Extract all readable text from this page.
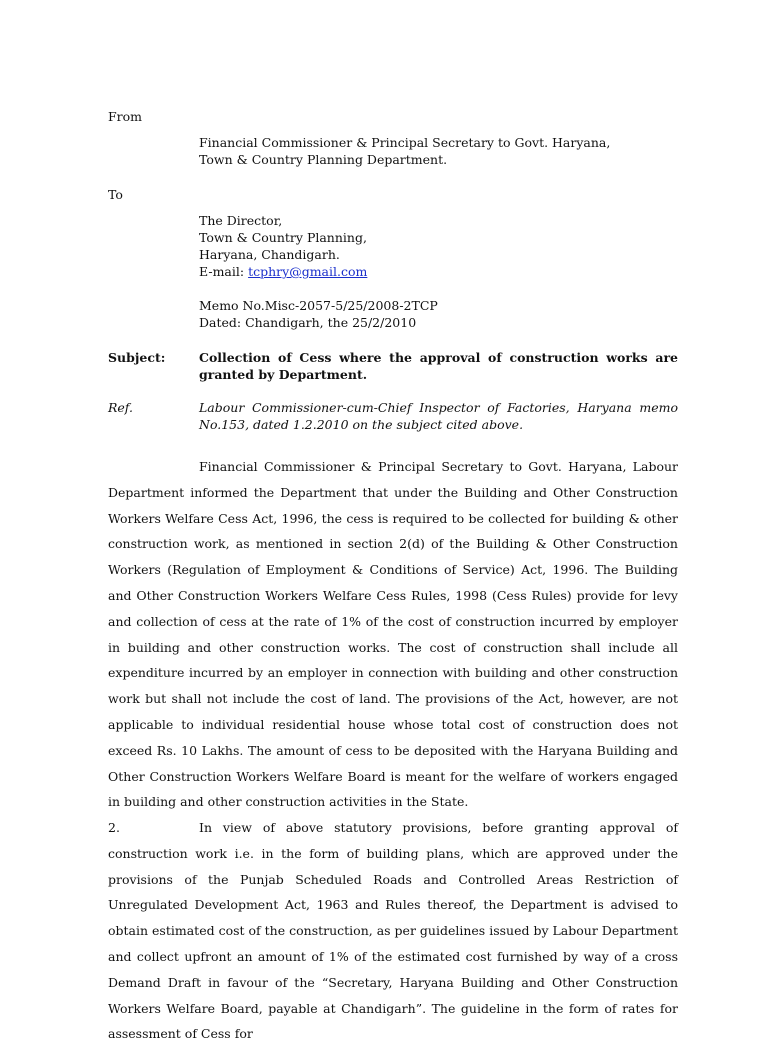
From
Financial Commissioner & Principal Secretary to Govt. Haryana,
Town & Country Planning Department.
To
The Director,
Town & Country Planning,
Haryana, Chandigarh.
E-mail: tcphry@gmail.com
Memo No.Misc-2057-5/25/2008-2TCP
Dated: Chandigarh, the 25/2/2010
Subject:	Collection of Cess where the approval of construction works are granted by Department.
Ref.	Labour Commissioner-cum-Chief Inspector of Factories, Haryana memo No.153, dated 1.2.2010 on the subject cited above.

Financial Commissioner & Principal Secretary to Govt. Haryana, Labour Department informed the Department that under the Building and Other Construction Workers Welfare Cess Act, 1996, the cess is required to be collected for building & other construction work, as mentioned in section 2(d) of the Building & Other Construction Workers (Regulation of Employment & Conditions of Service) Act, 1996. The Building and Other Construction Workers Welfare Cess Rules, 1998 (Cess Rules) provide for levy and collection of cess at the rate of 1% of the cost of construction incurred by employer in building and other construction works. The cost of construction shall include all expenditure incurred by an employer in connection with building and other construction work but shall not include the cost of land. The provisions of the Act, however, are not applicable to individual residential house whose total cost of construction does not exceed Rs. 10 Lakhs. The amount of cess to be deposited with the Haryana Building and Other Construction Workers Welfare Board is meant for the welfare of workers engaged in building and other construction activities in the State.

2.	In view of above statutory provisions, before granting approval of construction work i.e. in the form of building plans, which are approved under the provisions of the Punjab Scheduled Roads and Controlled Areas Restriction of Unregulated Development Act, 1963 and Rules thereof, the Department is advised to obtain estimated cost of the construction, as per guidelines issued by Labour Department and collect upfront an amount of 1% of the estimated cost furnished by way of a cross Demand Draft in favour of the “Secretary, Haryana Building and Other Construction Workers Welfare Board, payable at Chandigarh”. The guideline in the form of rates for assessment of Cess for
